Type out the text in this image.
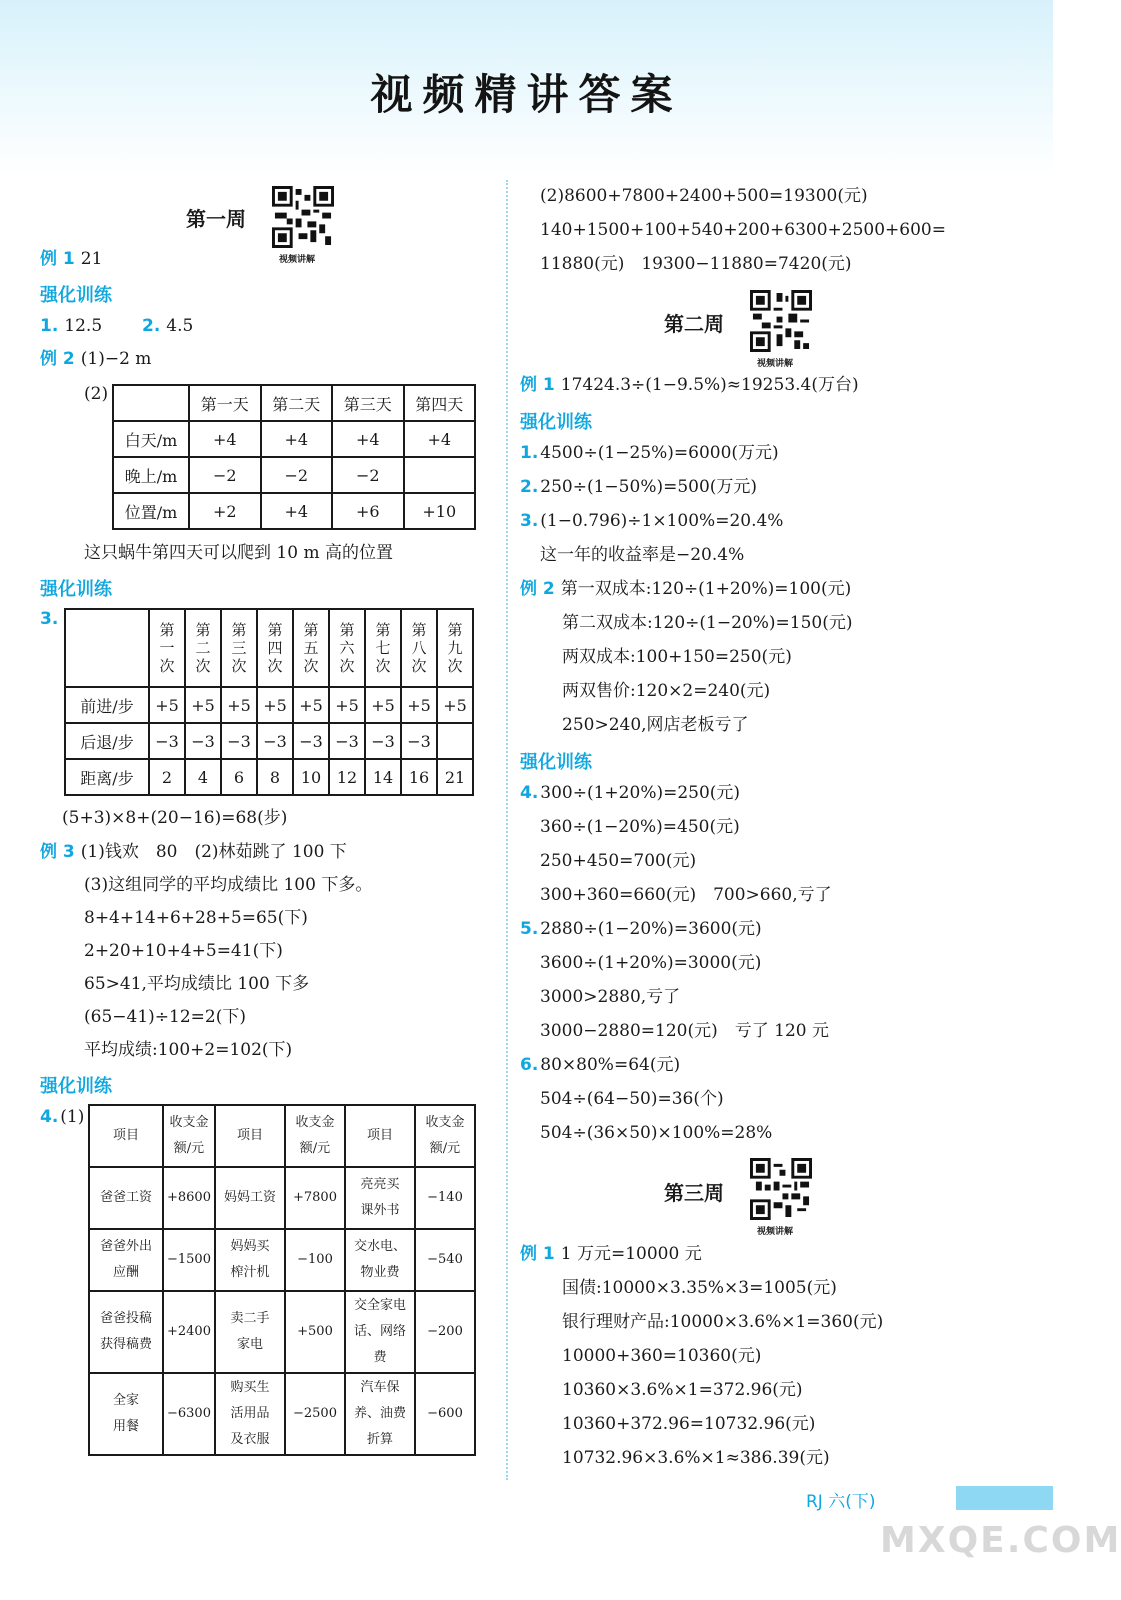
视频精讲答案
第一周
视频讲解
例 1 21
强化训练
1. 12.5 2. 4.5
例 2 (1)−2 m
(2)
		第一天	第二天	第三天	第四天
白天/m	+4	+4	+4	+4
晚上/m	−2	−2	−2	
位置/m	+2	+4	+6	+10
这只蜗牛第四天可以爬到 10 m 高的位置
强化训练
3.
	第一次	第二次	第三次	第四次	第五次	第六次	第七次	第八次	第九次
前进/步	+5	+5	+5	+5	+5	+5	+5	+5	+5
后退/步	−3	−3	−3	−3	−3	−3	−3	−3	
距离/步	2	4	6	8	10	12	14	16	21
(5+3)×8+(20−16)=68(步)
例 3 (1)钱欢　80　(2)林茹跳了 100 下
(3)这组同学的平均成绩比 100 下多。
8+4+14+6+28+5=65(下)
2+20+10+4+5=41(下)
65>41,平均成绩比 100 下多
(65−41)÷12=2(下)
平均成绩:100+2=102(下)
强化训练
4. (1)
项目	收支金额/元	项目	收支金额/元	项目	收支金额/元
爸爸工资	+8600	妈妈工资	+7800	亮亮买课外书	−140
爸爸外出应酬	−1500	妈妈买榨汁机	−100	交水电、物业费	−540
爸爸投稿获得稿费	+2400	卖二手家电	+500	交全家电话、网络费	−200
全家用餐	−6300	购买生活用品及衣服	−2500	汽车保养、油费折算	−600
(2)8600+7800+2400+500=19300(元)
140+1500+100+540+200+6300+2500+600=
11880(元)　19300−11880=7420(元)
第二周
视频讲解
例 1 17424.3÷(1−9.5%)≈19253.4(万台)
强化训练
1. 4500÷(1−25%)=6000(万元)
2. 250÷(1−50%)=500(万元)
3. (1−0.796)÷1×100%=20.4%
这一年的收益率是−20.4%
例 2 第一双成本:120÷(1+20%)=100(元)
第二双成本:120÷(1−20%)=150(元)
两双成本:100+150=250(元)
两双售价:120×2=240(元)
250>240,网店老板亏了
强化训练
4. 300÷(1+20%)=250(元)
360÷(1−20%)=450(元)
250+450=700(元)
300+360=660(元)　700>660,亏了
5. 2880÷(1−20%)=3600(元)
3600÷(1+20%)=3000(元)
3000>2880,亏了
3000−2880=120(元)　亏了 120 元
6. 80×80%=64(元)
504÷(64−50)=36(个)
504÷(36×50)×100%=28%
第三周
视频讲解
例 1 1 万元=10000 元
国债:10000×3.35%×3=1005(元)
银行理财产品:10000×3.6%×1=360(元)
10000+360=10360(元)
10360×3.6%×1=372.96(元)
10360+372.96=10732.96(元)
10732.96×3.6%×1≈386.39(元)
RJ 六(下)
MXQE.COM
